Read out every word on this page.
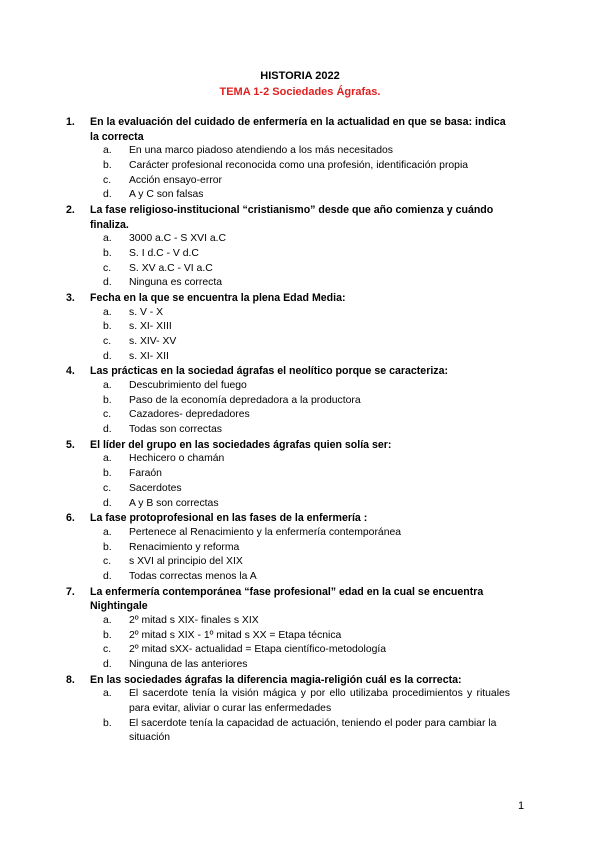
HISTORIA 2022
TEMA 1-2 Sociedades Ágrafas.
1. En la evaluación del cuidado de enfermería en la actualidad en que se basa: indica la correcta

a. En una marco piadoso atendiendo a los más necesitados
b. Carácter profesional reconocida como una profesión, identificación propia
c. Acción ensayo-error
d. A y C son falsas
2. La fase religioso-institucional “cristianismo” desde que año comienza y cuándo finaliza.

a. 3000 a.C - S XVI a.C
b. S. I d.C - V d.C
c. S. XV a.C - VI a.C
d. Ninguna es correcta
3. Fecha en la que se encuentra la plena Edad Media:

a. s. V - X
b. s. XI- XIII
c. s. XIV- XV
d. s. XI- XII
4. Las prácticas en la sociedad ágrafas el neolítico porque se caracteriza:

a. Descubrimiento del fuego
b. Paso de la economía depredadora a la productora
c. Cazadores- depredadores
d. Todas son correctas
5. El líder del grupo en las sociedades ágrafas quien solía ser:

a. Hechicero o chamán
b. Faraón
c. Sacerdotes
d. A y B son correctas
6. La fase protoprofesional en las fases de la enfermería :

a. Pertenece al Renacimiento y la enfermería contemporánea
b. Renacimiento y reforma
c. s XVI al principio del XIX
d. Todas correctas menos la A
7. La enfermería contemporánea “fase profesional” edad en la cual se encuentra Nightingale

a. 2º mitad s XIX- finales s XIX
b. 2º mitad s XIX - 1º mitad s XX = Etapa técnica
c. 2º mitad sXX- actualidad = Etapa científico-metodología
d. Ninguna de las anteriores
8. En las sociedades ágrafas la diferencia magia-religión cuál es la correcta:

a. El sacerdote tenía la visión mágica y por ello utilizaba procedimientos y rituales para evitar, aliviar o curar las enfermedades
b. El sacerdote tenía la capacidad de actuación, teniendo el poder para cambiar la situación
1
